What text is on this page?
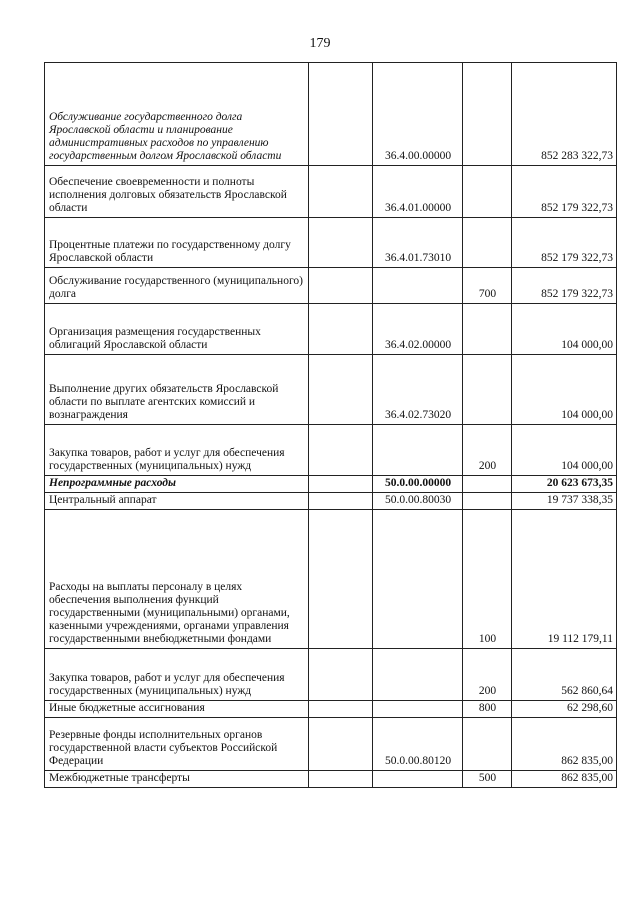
179
Обслуживание государственного долга Ярославской области и планирование административных расходов по управлению государственным долгом Ярославской области		36.4.00.00000		852 283 322,73
Обеспечение своевременности и полноты исполнения долговых обязательств Ярославской области		36.4.01.00000		852 179 322,73
Процентные платежи по государственному долгу Ярославской области		36.4.01.73010		852 179 322,73
Обслуживание государственного (муниципального) долга			700	852 179 322,73
Организация размещения государственных облигаций Ярославской области		36.4.02.00000		104 000,00
Выполнение других обязательств Ярославской области по выплате агентских комиссий и вознаграждения		36.4.02.73020		104 000,00
Закупка товаров, работ и услуг для обеспечения государственных (муниципальных) нужд			200	104 000,00
Непрограммные расходы		50.0.00.00000		20 623 673,35
Центральный аппарат		50.0.00.80030		19 737 338,35
Расходы на выплаты персоналу в целях обеспечения выполнения функций государственными (муниципальными) органами, казенными учреждениями, органами управления государственными внебюджетными фондами			100	19 112 179,11
Закупка товаров, работ и услуг для обеспечения государственных (муниципальных) нужд			200	562 860,64
Иные бюджетные ассигнования			800	62 298,60
Резервные фонды исполнительных органов государственной власти субъектов Российской Федерации		50.0.00.80120		862 835,00
Межбюджетные трансферты			500	862 835,00
